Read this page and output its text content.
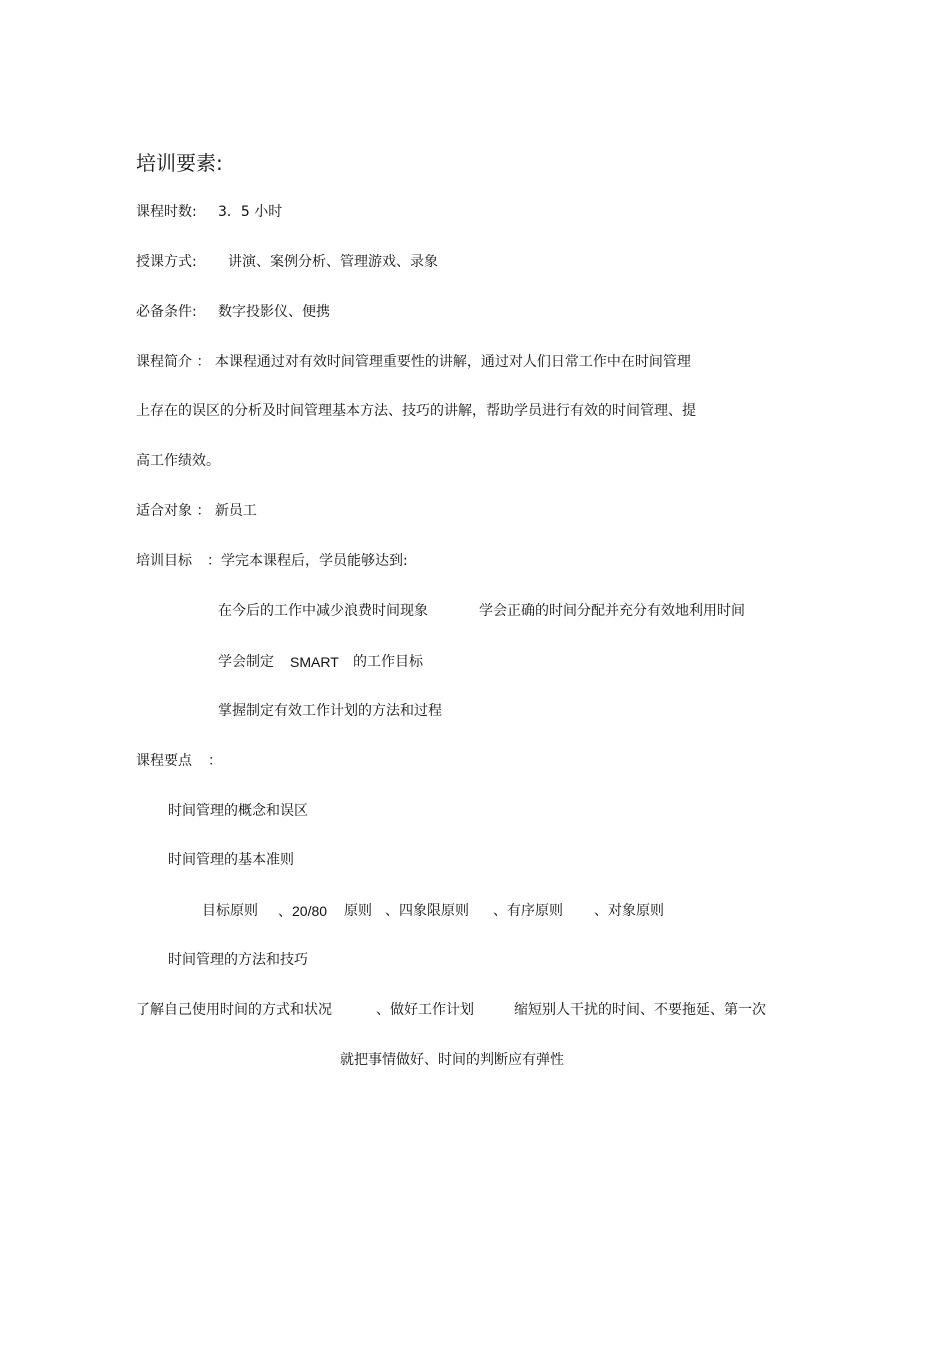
培训要素:
课程时数: 3．5 小时
授课方式: 讲演、案例分析、管理游戏、录象
必备条件: 数字投影仪、便携
课程简介 ： 本课程通过对有效时间管理重要性的讲解，通过对人们日常工作中在时间管理
上存在的误区的分析及时间管理基本方法、技巧的讲解，帮助学员进行有效的时间管理、提
高工作绩效。
适合对象 ： 新员工
培训目标 ：学完本课程后，学员能够达到:
在今后的工作中减少浪费时间现象	学会正确的时间分配并充分有效地利用时间
学会制定 SMART 的工作目标
掌握制定有效工作计划的方法和过程
课程要点 ：
时间管理的概念和误区
时间管理的基本准则
目标原则 、20/80 原则 、四象限原则 、有序原则 、对象原则
时间管理的方法和技巧
了解自己使用时间的方式和状况	、做好工作计划	缩短别人干扰的时间、不要拖延、第一次
就把事情做好、时间的判断应有弹性
